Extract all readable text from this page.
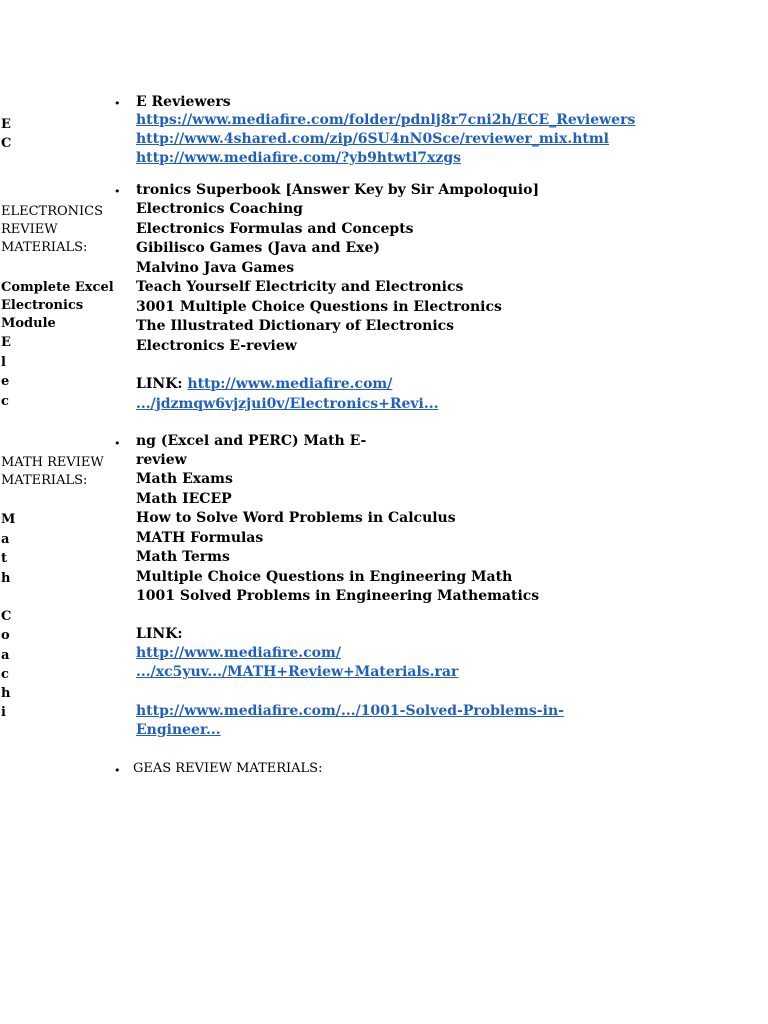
• E Reviewers
E
C
https://www.mediafire.com/folder/pdnlj8r7cni2h/ECE_Reviewers
http://www.4shared.com/zip/6SU4nN0Sce/reviewer_mix.html
http://www.mediafire.com/?yb9htwtl7xzgs
• tronics Superbook [Answer Key by Sir Ampoloquio]
ELECTRONICS
REVIEW
MATERIALS:
Complete Excel
Electronics
Module
E
l
e
c
Electronics Coaching
Electronics Formulas and Concepts
Gibilisco Games (Java and Exe)
Malvino Java Games
Teach Yourself Electricity and Electronics
3001 Multiple Choice Questions in Electronics
The Illustrated Dictionary of Electronics
Electronics E-review
LINK: http://www.mediafire.com/
.../jdzmqw6vjzjui0v/Electronics+Revi...
• ng (Excel and PERC) Math E-
review
MATH REVIEW
MATERIALS:
M
a
t
h
C
o
a
c
h
i
Math Exams
Math IECEP
How to Solve Word Problems in Calculus
MATH Formulas
Math Terms
Multiple Choice Questions in Engineering Math
1001 Solved Problems in Engineering Mathematics
LINK:
http://www.mediafire.com/
.../xc5yuv.../MATH+Review+Materials.rar
http://www.mediafire.com/.../1001-Solved-Problems-in-
Engineer...
• GEAS REVIEW MATERIALS:
